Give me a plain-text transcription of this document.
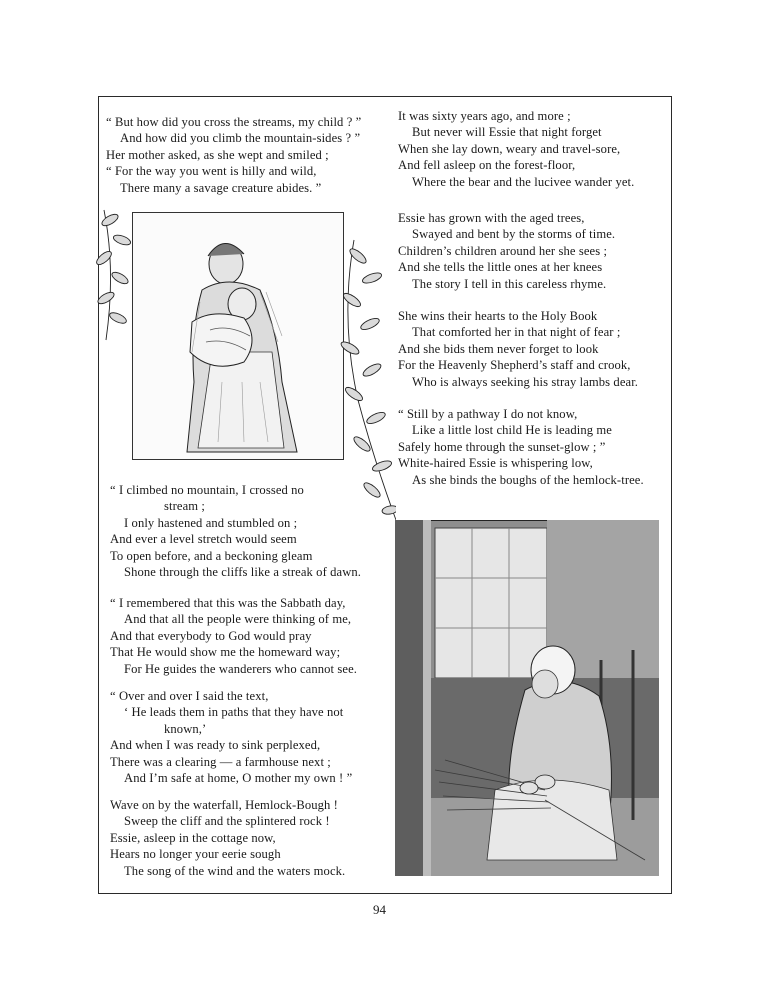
“ But how did you cross the streams, my child ? ”
And how did you climb the mountain-sides ? ”
Her mother asked, as she wept and smiled ;
“ For the way you went is hilly and wild,
There many a savage creature abides. ”
“ I climbed no mountain, I crossed no
stream ;
I only hastened and stumbled on ;
And ever a level stretch would seem
To open before, and a beckoning gleam
Shone through the cliffs like a streak of dawn.
“ I remembered that this was the Sabbath day,
And that all the people were thinking of me,
And that everybody to God would pray
That He would show me the homeward way;
For He guides the wanderers who cannot see.
“ Over and over I said the text,
‘ He leads them in paths that they have not
known,’
And when I was ready to sink perplexed,
There was a clearing — a farmhouse next ;
And I’m safe at home, O mother my own ! ”
Wave on by the waterfall, Hemlock-Bough !
Sweep the cliff and the splintered rock !
Essie, asleep in the cottage now,
Hears no longer your eerie sough
The song of the wind and the waters mock.
It was sixty years ago, and more ;
But never will Essie that night forget
When she lay down, weary and travel-sore,
And fell asleep on the forest-floor,
Where the bear and the lucivee wander yet.
Essie has grown with the aged trees,
Swayed and bent by the storms of time.
Children’s children around her she sees ;
And she tells the little ones at her knees
The story I tell in this careless rhyme.
She wins their hearts to the Holy Book
That comforted her in that night of fear ;
And she bids them never forget to look
For the Heavenly Shepherd’s staff and crook,
Who is always seeking his stray lambs dear.
“ Still by a pathway I do not know,
Like a little lost child He is leading me
Safely home through the sunset-glow ; ”
White-haired Essie is whispering low,
As she binds the boughs of the hemlock-tree.
94
